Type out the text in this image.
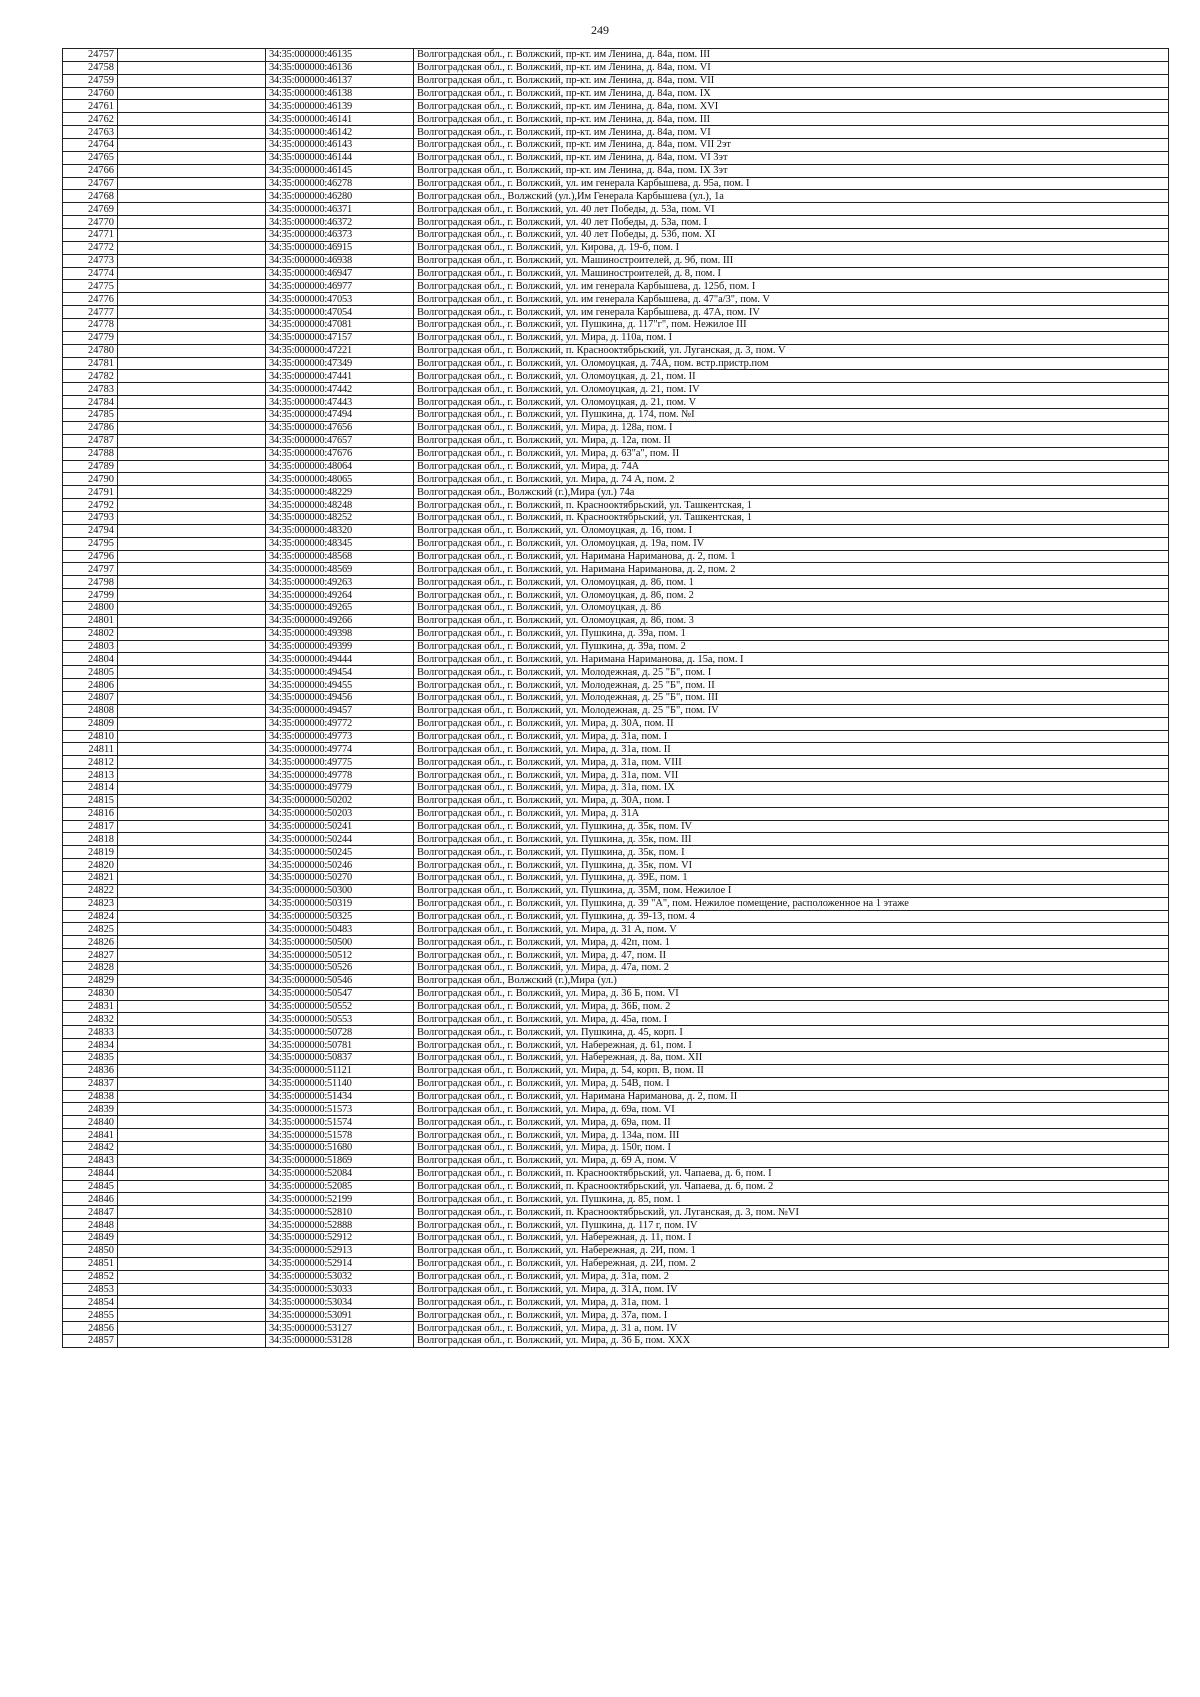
249
24757		34:35:000000:46135	Волгоградская обл., г. Волжский, пр-кт. им Ленина, д. 84а, пом. III
24758		34:35:000000:46136	Волгоградская обл., г. Волжский, пр-кт. им Ленина, д. 84а, пом. VI
24759		34:35:000000:46137	Волгоградская обл., г. Волжский, пр-кт. им Ленина, д. 84а, пом. VII
24760		34:35:000000:46138	Волгоградская обл., г. Волжский, пр-кт. им Ленина, д. 84а, пом. IX
24761		34:35:000000:46139	Волгоградская обл., г. Волжский, пр-кт. им Ленина, д. 84а, пом. XVI
24762		34:35:000000:46141	Волгоградская обл., г. Волжский, пр-кт. им Ленина, д. 84а, пом. III
24763		34:35:000000:46142	Волгоградская обл., г. Волжский, пр-кт. им Ленина, д. 84а, пом. VI
24764		34:35:000000:46143	Волгоградская обл., г. Волжский, пр-кт. им Ленина, д. 84а, пом. VII 2эт
24765		34:35:000000:46144	Волгоградская обл., г. Волжский, пр-кт. им Ленина, д. 84а, пом. VI 3эт
24766		34:35:000000:46145	Волгоградская обл., г. Волжский, пр-кт. им Ленина, д. 84а, пом. IX 3эт
24767		34:35:000000:46278	Волгоградская обл., г. Волжский, ул. им генерала Карбышева, д. 95а, пом. I
24768		34:35:000000:46280	Волгоградская обл., Волжский (ул.),Им Генерала Карбышева (ул.), 1а
24769		34:35:000000:46371	Волгоградская обл., г. Волжский, ул. 40 лет Победы, д. 53а, пом. VI
24770		34:35:000000:46372	Волгоградская обл., г. Волжский, ул. 40 лет Победы, д. 53а, пом. I
24771		34:35:000000:46373	Волгоградская обл., г. Волжский, ул. 40 лет Победы, д. 53б, пом. XI
24772		34:35:000000:46915	Волгоградская обл., г. Волжский, ул. Кирова, д. 19-б, пом. I
24773		34:35:000000:46938	Волгоградская обл., г. Волжский, ул. Машиностроителей, д. 9б, пом. III
24774		34:35:000000:46947	Волгоградская обл., г. Волжский, ул. Машиностроителей, д. 8, пом. I
24775		34:35:000000:46977	Волгоградская обл., г. Волжский, ул. им генерала Карбышева, д. 125б, пом. I
24776		34:35:000000:47053	Волгоградская обл., г. Волжский, ул. им генерала Карбышева, д. 47"а/3", пом. V
24777		34:35:000000:47054	Волгоградская обл., г. Волжский, ул. им генерала Карбышева, д. 47А, пом. IV
24778		34:35:000000:47081	Волгоградская обл., г. Волжский, ул. Пушкина, д. 117"г", пом. Нежилое III
24779		34:35:000000:47157	Волгоградская обл., г. Волжский, ул. Мира, д. 110а, пом. I
24780		34:35:000000:47221	Волгоградская обл., г. Волжский, п. Краснооктябрьский, ул. Луганская, д. 3, пом. V
24781		34:35:000000:47349	Волгоградская обл., г. Волжский, ул. Оломоуцкая, д. 74А, пом. встр.пристр.пом
24782		34:35:000000:47441	Волгоградская обл., г. Волжский, ул. Оломоуцкая, д. 21, пом. II
24783		34:35:000000:47442	Волгоградская обл., г. Волжский, ул. Оломоуцкая, д. 21, пом. IV
24784		34:35:000000:47443	Волгоградская обл., г. Волжский, ул. Оломоуцкая, д. 21, пом. V
24785		34:35:000000:47494	Волгоградская обл., г. Волжский, ул. Пушкина, д. 174, пом. №I
24786		34:35:000000:47656	Волгоградская обл., г. Волжский, ул. Мира, д. 128а, пом. I
24787		34:35:000000:47657	Волгоградская обл., г. Волжский, ул. Мира, д. 12а, пом. II
24788		34:35:000000:47676	Волгоградская обл., г. Волжский, ул. Мира, д. 63"а", пом. II
24789		34:35:000000:48064	Волгоградская обл., г. Волжский, ул. Мира, д. 74А
24790		34:35:000000:48065	Волгоградская обл., г. Волжский, ул. Мира, д. 74 А, пом. 2
24791		34:35:000000:48229	Волгоградская обл., Волжский (г.),Мира (ул.) 74а
24792		34:35:000000:48248	Волгоградская обл., г. Волжский, п. Краснооктябрьский, ул. Ташкентская, 1
24793		34:35:000000:48252	Волгоградская обл., г. Волжский, п. Краснооктябрьский, ул. Ташкентская, 1
24794		34:35:000000:48320	Волгоградская обл., г. Волжский, ул. Оломоуцкая, д. 16, пом. I
24795		34:35:000000:48345	Волгоградская обл., г. Волжский, ул. Оломоуцкая, д. 19а, пом. IV
24796		34:35:000000:48568	Волгоградская обл., г. Волжский, ул. Наримана Нариманова, д. 2, пом. 1
24797		34:35:000000:48569	Волгоградская обл., г. Волжский, ул. Наримана Нариманова, д. 2, пом. 2
24798		34:35:000000:49263	Волгоградская обл., г. Волжский, ул. Оломоуцкая, д. 86, пом. 1
24799		34:35:000000:49264	Волгоградская обл., г. Волжский, ул. Оломоуцкая, д. 86, пом. 2
24800		34:35:000000:49265	Волгоградская обл., г. Волжский, ул. Оломоуцкая, д. 86
24801		34:35:000000:49266	Волгоградская обл., г. Волжский, ул. Оломоуцкая, д. 86, пом. 3
24802		34:35:000000:49398	Волгоградская обл., г. Волжский, ул. Пушкина, д. 39а, пом. 1
24803		34:35:000000:49399	Волгоградская обл., г. Волжский, ул. Пушкина, д. 39а, пом. 2
24804		34:35:000000:49444	Волгоградская обл., г. Волжский, ул. Наримана Нариманова, д. 15а, пом. I
24805		34:35:000000:49454	Волгоградская обл., г. Волжский, ул. Молодежная, д. 25 "Б", пом. I
24806		34:35:000000:49455	Волгоградская обл., г. Волжский, ул. Молодежная, д. 25 "Б", пом. II
24807		34:35:000000:49456	Волгоградская обл., г. Волжский, ул. Молодежная, д. 25 "Б", пом. III
24808		34:35:000000:49457	Волгоградская обл., г. Волжский, ул. Молодежная, д. 25 "Б", пом. IV
24809		34:35:000000:49772	Волгоградская обл., г. Волжский, ул. Мира, д. 30А, пом. II
24810		34:35:000000:49773	Волгоградская обл., г. Волжский, ул. Мира, д. 31а, пом. I
24811		34:35:000000:49774	Волгоградская обл., г. Волжский, ул. Мира, д. 31а, пом. II
24812		34:35:000000:49775	Волгоградская обл., г. Волжский, ул. Мира, д. 31а, пом. VIII
24813		34:35:000000:49778	Волгоградская обл., г. Волжский, ул. Мира, д. 31а, пом. VII
24814		34:35:000000:49779	Волгоградская обл., г. Волжский, ул. Мира, д. 31а, пом. IX
24815		34:35:000000:50202	Волгоградская обл., г. Волжский, ул. Мира, д. 30А, пом. I
24816		34:35:000000:50203	Волгоградская обл., г. Волжский, ул. Мира, д. 31А
24817		34:35:000000:50241	Волгоградская обл., г. Волжский, ул. Пушкина, д. 35к, пом. IV
24818		34:35:000000:50244	Волгоградская обл., г. Волжский, ул. Пушкина, д. 35к, пом. III
24819		34:35:000000:50245	Волгоградская обл., г. Волжский, ул. Пушкина, д. 35к, пом. I
24820		34:35:000000:50246	Волгоградская обл., г. Волжский, ул. Пушкина, д. 35к, пом. VI
24821		34:35:000000:50270	Волгоградская обл., г. Волжский, ул. Пушкина, д. 39Е, пом. 1
24822		34:35:000000:50300	Волгоградская обл., г. Волжский, ул. Пушкина, д. 35М, пом. Нежилое I
24823		34:35:000000:50319	Волгоградская обл., г. Волжский, ул. Пушкина, д. 39 "А", пом. Нежилое помещение, расположенное на 1 этаже
24824		34:35:000000:50325	Волгоградская обл., г. Волжский, ул. Пушкина, д. 39-13, пом. 4
24825		34:35:000000:50483	Волгоградская обл., г. Волжский, ул. Мира, д. 31 А, пом. V
24826		34:35:000000:50500	Волгоградская обл., г. Волжский, ул. Мира, д. 42п, пом. 1
24827		34:35:000000:50512	Волгоградская обл., г. Волжский, ул. Мира, д. 47, пом. II
24828		34:35:000000:50526	Волгоградская обл., г. Волжский, ул. Мира, д. 47а, пом. 2
24829		34:35:000000:50546	Волгоградская обл., Волжский (г.),Мира (ул.)
24830		34:35:000000:50547	Волгоградская обл., г. Волжский, ул. Мира, д. 36 Б, пом. VI
24831		34:35:000000:50552	Волгоградская обл., г. Волжский, ул. Мира, д. 36Б, пом. 2
24832		34:35:000000:50553	Волгоградская обл., г. Волжский, ул. Мира, д. 45а, пом. I
24833		34:35:000000:50728	Волгоградская обл., г. Волжский, ул. Пушкина, д. 45, корп. I
24834		34:35:000000:50781	Волгоградская обл., г. Волжский, ул. Набережная, д. 61, пом. I
24835		34:35:000000:50837	Волгоградская обл., г. Волжский, ул. Набережная, д. 8а, пом. XII
24836		34:35:000000:51121	Волгоградская обл., г. Волжский, ул. Мира, д. 54, корп. В, пом. II
24837		34:35:000000:51140	Волгоградская обл., г. Волжский, ул. Мира, д. 54В, пом. I
24838		34:35:000000:51434	Волгоградская обл., г. Волжский, ул. Наримана Нариманова, д. 2, пом. II
24839		34:35:000000:51573	Волгоградская обл., г. Волжский, ул. Мира, д. 69а, пом. VI
24840		34:35:000000:51574	Волгоградская обл., г. Волжский, ул. Мира, д. 69а, пом. II
24841		34:35:000000:51578	Волгоградская обл., г. Волжский, ул. Мира, д. 134а, пом. III
24842		34:35:000000:51680	Волгоградская обл., г. Волжский, ул. Мира, д. 150г, пом. I
24843		34:35:000000:51869	Волгоградская обл., г. Волжский, ул. Мира, д. 69 А, пом. V
24844		34:35:000000:52084	Волгоградская обл., г. Волжский, п. Краснооктябрьский, ул. Чапаева, д. 6, пом. I
24845		34:35:000000:52085	Волгоградская обл., г. Волжский, п. Краснооктябрьский, ул. Чапаева, д. 6, пом. 2
24846		34:35:000000:52199	Волгоградская обл., г. Волжский, ул. Пушкина, д. 85, пом. 1
24847		34:35:000000:52810	Волгоградская обл., г. Волжский, п. Краснооктябрьский, ул. Луганская, д. 3, пом. №VI
24848		34:35:000000:52888	Волгоградская обл., г. Волжский, ул. Пушкина, д. 117 г, пом. IV
24849		34:35:000000:52912	Волгоградская обл., г. Волжский, ул. Набережная, д. 11, пом. I
24850		34:35:000000:52913	Волгоградская обл., г. Волжский, ул. Набережная, д. 2И, пом. 1
24851		34:35:000000:52914	Волгоградская обл., г. Волжский, ул. Набережная, д. 2И, пом. 2
24852		34:35:000000:53032	Волгоградская обл., г. Волжский, ул. Мира, д. 31а, пом. 2
24853		34:35:000000:53033	Волгоградская обл., г. Волжский, ул. Мира, д. 31А, пом. IV
24854		34:35:000000:53034	Волгоградская обл., г. Волжский, ул. Мира, д. 31а, пом. 1
24855		34:35:000000:53091	Волгоградская обл., г. Волжский, ул. Мира, д. 37а, пом. I
24856		34:35:000000:53127	Волгоградская обл., г. Волжский, ул. Мира, д. 31 а, пом. IV
24857		34:35:000000:53128	Волгоградская обл., г. Волжский, ул. Мира, д. 36 Б, пом. XXX
